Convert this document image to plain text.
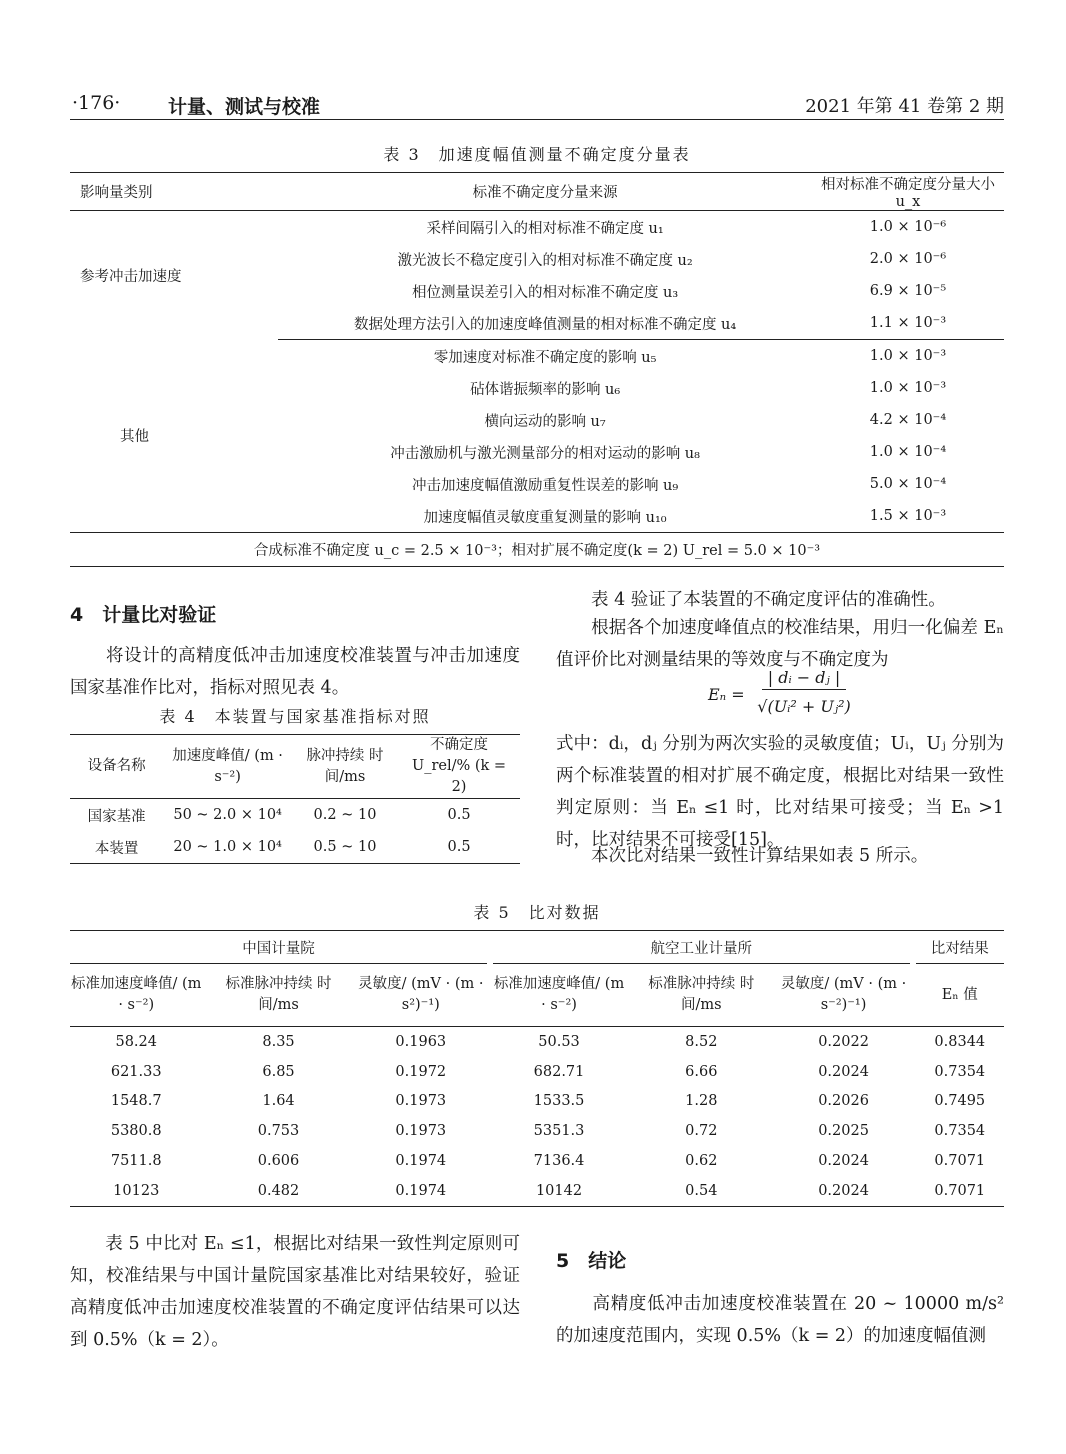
·176·	计量、测试与校准	2021 年第 41 卷第 2 期
表 3　加速度幅值测量不确定度分量表
影响量类别	标准不确定度分量来源	相对标准不确定度分量大小 u_x
参考冲击加速度	采样间隔引入的相对标准不确定度 u₁	1.0 × 10⁻⁶
	激光波长不稳定度引入的相对标准不确定度 u₂	2.0 × 10⁻⁶
	相位测量误差引入的相对标准不确定度 u₃	6.9 × 10⁻⁵
	数据处理方法引入的加速度峰值测量的相对标准不确定度 u₄	1.1 × 10⁻³
其他	零加速度对标准不确定度的影响 u₅	1.0 × 10⁻³
	砧体谐振频率的影响 u₆	1.0 × 10⁻³
	横向运动的影响 u₇	4.2 × 10⁻⁴
	冲击激励机与激光测量部分的相对运动的影响 u₈	1.0 × 10⁻⁴
	冲击加速度幅值激励重复性误差的影响 u₉	5.0 × 10⁻⁴
	加速度幅值灵敏度重复测量的影响 u₁₀	1.5 × 10⁻³
合成标准不确定度 u_c = 2.5 × 10⁻³；相对扩展不确定度(k = 2) U_rel = 5.0 × 10⁻³		
4　计量比对验证
　　将设计的高精度低冲击加速度校准装置与冲击加速度国家基准作比对，指标对照见表 4。
表 4　本装置与国家基准指标对照
设备名称	加速度峰值/ (m · s⁻²)	脉冲持续 时间/ms	不确定度 U_rel/% (k = 2)
国家基准	50 ~ 2.0 × 10⁴	0.2 ~ 10	0.5
本装置	20 ~ 1.0 × 10⁴	0.5 ~ 10	0.5
　　表 4 验证了本装置的不确定度评估的准确性。
　　根据各个加速度峰值点的校准结果，用归一化偏差 Eₙ 值评价比对测量结果的等效度与不确定度为
Eₙ =
| dᵢ − dⱼ |
√(Uᵢ² + Uⱼ²)
式中：dᵢ，dⱼ 分别为两次实验的灵敏度值；Uᵢ，Uⱼ 分别为两个标准装置的相对扩展不确定度，根据比对结果一致性判定原则：当 Eₙ ≤1 时，比对结果可接受；当 Eₙ >1 时，比对结果不可接受[15]。
　　本次比对结果一致性计算结果如表 5 所示。
表 5　比对数据
中国计量院				航空工业计量所				比对结果
标准加速度峰值/ (m · s⁻²)	标准脉冲持续 时间/ms	灵敏度/ (mV · (m · s²)⁻¹)		标准加速度峰值/ (m · s⁻²)	标准脉冲持续 时间/ms	灵敏度/ (mV · (m · s⁻²)⁻¹)		Eₙ 值
58.24	8.35	0.1963		50.53	8.52	0.2022		0.8344
621.33	6.85	0.1972		682.71	6.66	0.2024		0.7354
1548.7	1.64	0.1973		1533.5	1.28	0.2026		0.7495
5380.8	0.753	0.1973		5351.3	0.72	0.2025		0.7354
7511.8	0.606	0.1974		7136.4	0.62	0.2024		0.7071
10123	0.482	0.1974		10142	0.54	0.2024		0.7071
　　表 5 中比对 Eₙ ≤1，根据比对结果一致性判定原则可知，校准结果与中国计量院国家基准比对结果较好，验证高精度低冲击加速度校准装置的不确定度评估结果可以达到 0.5%（k = 2）。
5　结论
　　高精度低冲击加速度校准装置在 20 ~ 10000 m/s² 的加速度范围内，实现 0.5%（k = 2）的加速度幅值测
